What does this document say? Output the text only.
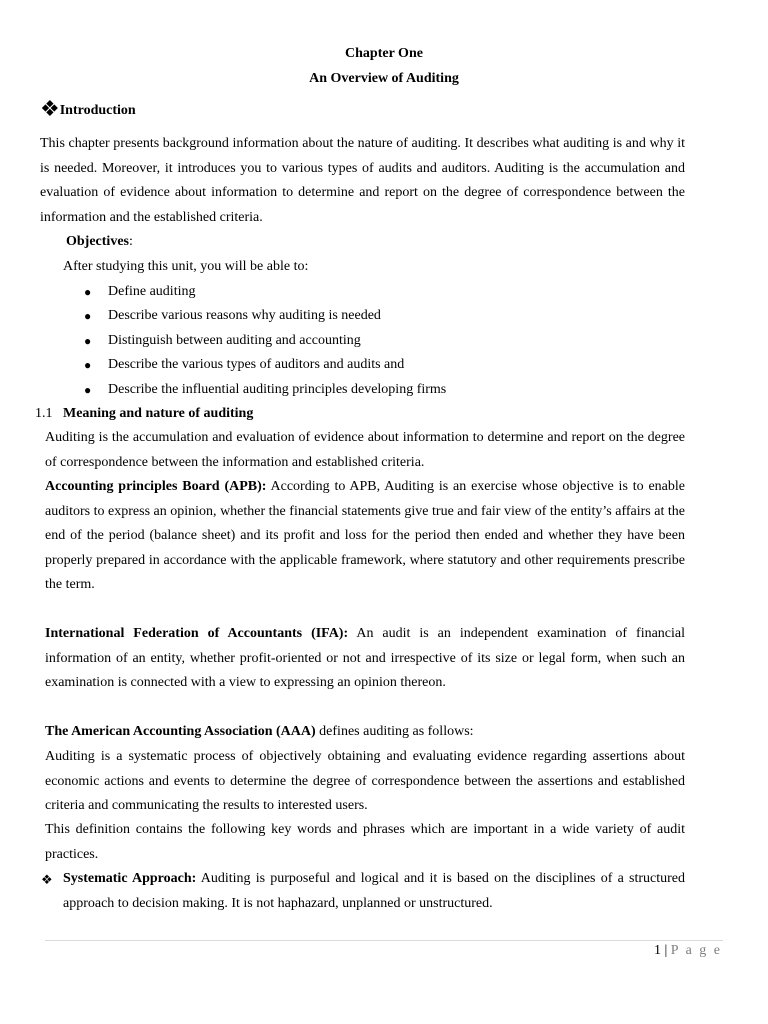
Chapter One
An Overview of Auditing
❖Introduction
This chapter presents background information about the nature of auditing. It describes what auditing is and why it is needed. Moreover, it introduces you to various types of audits and auditors. Auditing is the accumulation and evaluation of evidence about information to determine and report on the degree of correspondence between the information and the established criteria.
Objectives:
After studying this unit, you will be able to:
● Define auditing
● Describe various reasons why auditing is needed
● Distinguish between auditing and accounting
● Describe the various types of auditors and audits and
● Describe the influential auditing principles developing firms
1.1 Meaning and nature of auditing
Auditing is the accumulation and evaluation of evidence about information to determine and report on the degree of correspondence between the information and established criteria.
Accounting principles Board (APB): According to APB, Auditing is an exercise whose objective is to enable auditors to express an opinion, whether the financial statements give true and fair view of the entity’s affairs at the end of the period (balance sheet) and its profit and loss for the period then ended and whether they have been properly prepared in accordance with the applicable framework, where statutory and other requirements prescribe the term.
International Federation of Accountants (IFA): An audit is an independent examination of financial information of an entity, whether profit-oriented or not and irrespective of its size or legal form, when such an examination is connected with a view to expressing an opinion thereon.
The American Accounting Association (AAA) defines auditing as follows:
Auditing is a systematic process of objectively obtaining and evaluating evidence regarding assertions about economic actions and events to determine the degree of correspondence between the assertions and established criteria and communicating the results to interested users.
This definition contains the following key words and phrases which are important in a wide variety of audit practices.
❖ Systematic Approach: Auditing is purposeful and logical and it is based on the disciplines of a structured approach to decision making. It is not haphazard, unplanned or unstructured.
1 | P a g e
